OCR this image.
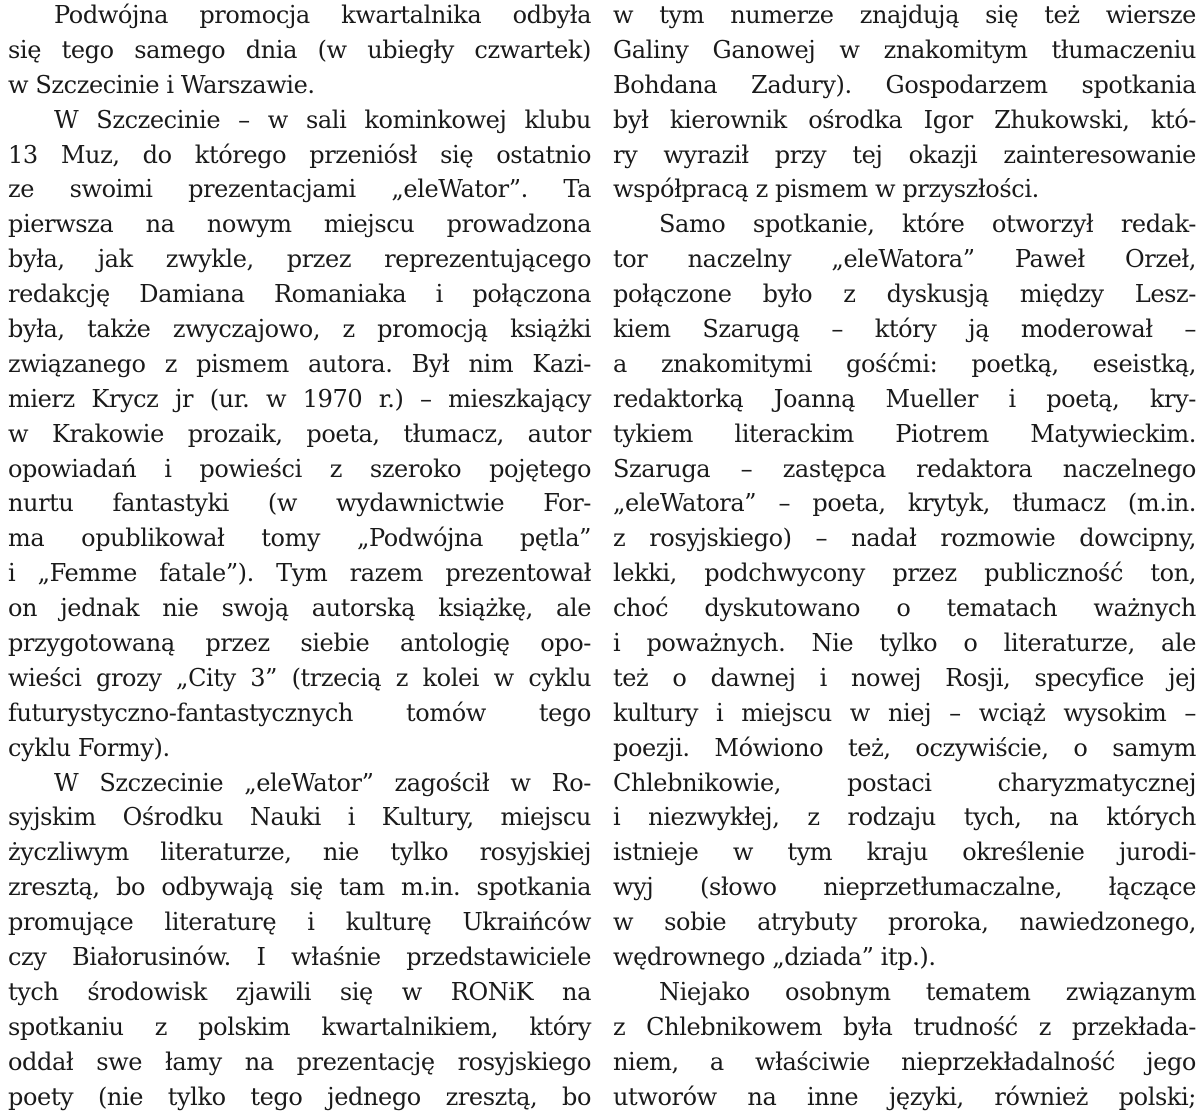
Podwójna promocja kwartalnika odbyła
się tego samego dnia (w ubiegły czwartek)
w Szczecinie i Warszawie.
W Szczecinie – w sali kominkowej klubu
13 Muz, do którego przeniósł się ostatnio
ze swoimi prezentacjami „eleWator”. Ta
pierwsza na nowym miejscu prowadzona
była, jak zwykle, przez reprezentującego
redakcję Damiana Romaniaka i połączona
była, także zwyczajowo, z promocją książki
związanego z pismem autora. Był nim Kazi-
mierz Krycz jr (ur. w 1970 r.) – mieszkający
w Krakowie prozaik, poeta, tłumacz, autor
opowiadań i powieści z szeroko pojętego
nurtu fantastyki (w wydawnictwie For-
ma opublikował tomy „Podwójna pętla”
i „Femme fatale”). Tym razem prezentował
on jednak nie swoją autorską książkę, ale
przygotowaną przez siebie antologię opo-
wieści grozy „City 3” (trzecią z kolei w cyklu
futurystyczno-fantastycznych tomów tego
cyklu Formy).
W Szczecinie „eleWator” zagościł w Ro-
syjskim Ośrodku Nauki i Kultury, miejscu
życzliwym literaturze, nie tylko rosyjskiej
zresztą, bo odbywają się tam m.in. spotkania
promujące literaturę i kulturę Ukraińców
czy Białorusinów. I właśnie przedstawiciele
tych środowisk zjawili się w RONiK na
spotkaniu z polskim kwartalnikiem, który
oddał swe łamy na prezentację rosyjskiego
poety (nie tylko tego jednego zresztą, bo
w tym numerze znajdują się też wiersze
Galiny Ganowej w znakomitym tłumaczeniu
Bohdana Zadury). Gospodarzem spotkania
był kierownik ośrodka Igor Zhukowski, któ-
ry wyraził przy tej okazji zainteresowanie
współpracą z pismem w przyszłości.
Samo spotkanie, które otworzył redak-
tor naczelny „eleWatora” Paweł Orzeł,
połączone było z dyskusją między Lesz-
kiem Szarugą – który ją moderował –
a znakomitymi gośćmi: poetką, eseistką,
redaktorką Joanną Mueller i poetą, kry-
tykiem literackim Piotrem Matywieckim.
Szaruga – zastępca redaktora naczelnego
„eleWatora” – poeta, krytyk, tłumacz (m.in.
z rosyjskiego) – nadał rozmowie dowcipny,
lekki, podchwycony przez publiczność ton,
choć dyskutowano o tematach ważnych
i poważnych. Nie tylko o literaturze, ale
też o dawnej i nowej Rosji, specyfice jej
kultury i miejscu w niej – wciąż wysokim –
poezji. Mówiono też, oczywiście, o samym
Chlebnikowie, postaci charyzmatycznej
i niezwykłej, z rodzaju tych, na których
istnieje w tym kraju określenie jurodi-
wyj (słowo nieprzetłumaczalne, łączące
w sobie atrybuty proroka, nawiedzonego,
wędrownego „dziada” itp.).
Niejako osobnym tematem związanym
z Chlebnikowem była trudność z przekłada-
niem, a właściwie nieprzekładalność jego
utworów na inne języki, również polski;
